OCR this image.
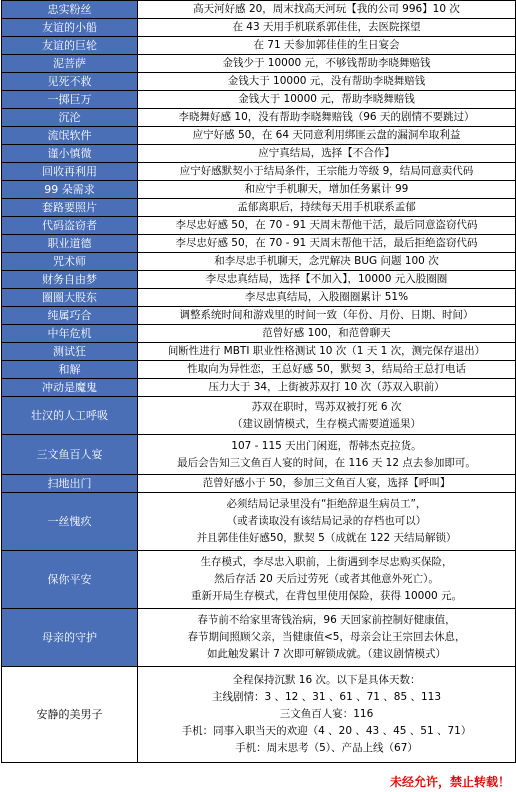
忠实粉丝	高天河好感 20，周末找高天河玩【我的公司 996】10 次

友谊的小船	在 43 天用手机联系郭佳佳，去医院探望

友谊的巨轮	在 71 天参加郭佳佳的生日宴会

泥菩萨	金钱少于 10000 元，不够钱帮助李晓舞赔钱

见死不救	金钱大于 10000 元，没有帮助李晓舞赔钱

一掷巨万	金钱大于 10000 元，帮助李晓舞赔钱

沉沦	李晓舞好感 10，没有帮助李晓舞赔钱（96 天的剧情不要跳过）

流氓软件	应宁好感 50，在 64 天同意利用绑匪云盘的漏洞牟取利益

谨小慎微	应宁真结局，选择【不合作】

回收再利用	应宁好感默契小于结局条件，王宗能力等级 9，结局同意卖代码

99 朵需求	和应宁手机聊天，增加任务累计 99

套路要照片	孟郁离职后，持续每天用手机联系孟郁

代码盗窃者	李尽忠好感 50，在 70 - 91 天周末帮他干活，最后同意盗窃代码

职业道德	李尽忠好感 50，在 70 - 91 天周末帮他干活，最后拒绝盗窃代码

咒术师	和李尽忠手机聊天，念咒解决 BUG 问题 100 次

财务自由梦	李尽忠真结局，选择【不加入】，10000 元入股圈圈

圈圈大股东	李尽忠真结局，入股圈圈累计 51%

纯属巧合	调整系统时间和游戏里的时间一致（年份、月份、日期、时间）

中年危机	范曾好感 100，和范曾聊天

测试狂	间断性进行 MBTI 职业性格测试 10 次（1 天 1 次，测完保存退出）

和解	性取向为异性恋，王总好感 50，默契 3，结局给王总打电话

冲动是魔鬼	压力大于 34，上街被苏双打 10 次（苏双入职前）

壮汉的人工呼吸	苏双在职时，骂苏双被打死 6 次
（建议剧情模式，生存模式需要道遥果）

三文鱼百人宴	107 - 115 天出门闲逛，帮韩杰克拉货。
最后会告知三文鱼百人宴的时间，在 116 天 12 点去参加即可。

扫地出门	范曾好感小于 50，参加三文鱼百人宴，选择【呼叫】

一丝愧疚	必须结局记录里没有“拒绝辞退生病员工”，
（或者读取没有该结局记录的存档也可以）
并且郭佳佳好感50，默契 5（成就在 122 天结局解锁）

保你平安	生存模式，李尽忠入职前，上街遇到李尽忠购买保险，
然后存活 20 天后过劳死（或者其他意外死亡）。
重新开局生存模式，在背包里使用保险，获得 10000 元。

母亲的守护	春节前不给家里寄钱治病，96 天回家前控制好健康值，
春节期间照顾父亲，当健康值<5，母亲会让王宗回去休息，
如此触发累计 7 次即可解锁成就。（建议剧情模式）

安静的美男子	全程保持沉默 16 次。以下是具体天数：
主线剧情：3 、12 、31 、61 、71 、85 、113
三文鱼百人宴：116
手机：同事入职当天的欢迎（4 、20 、43 、45 、51 、71）
手机：周末思考（5）、产品上线（67）
未经允许，禁止转载！
